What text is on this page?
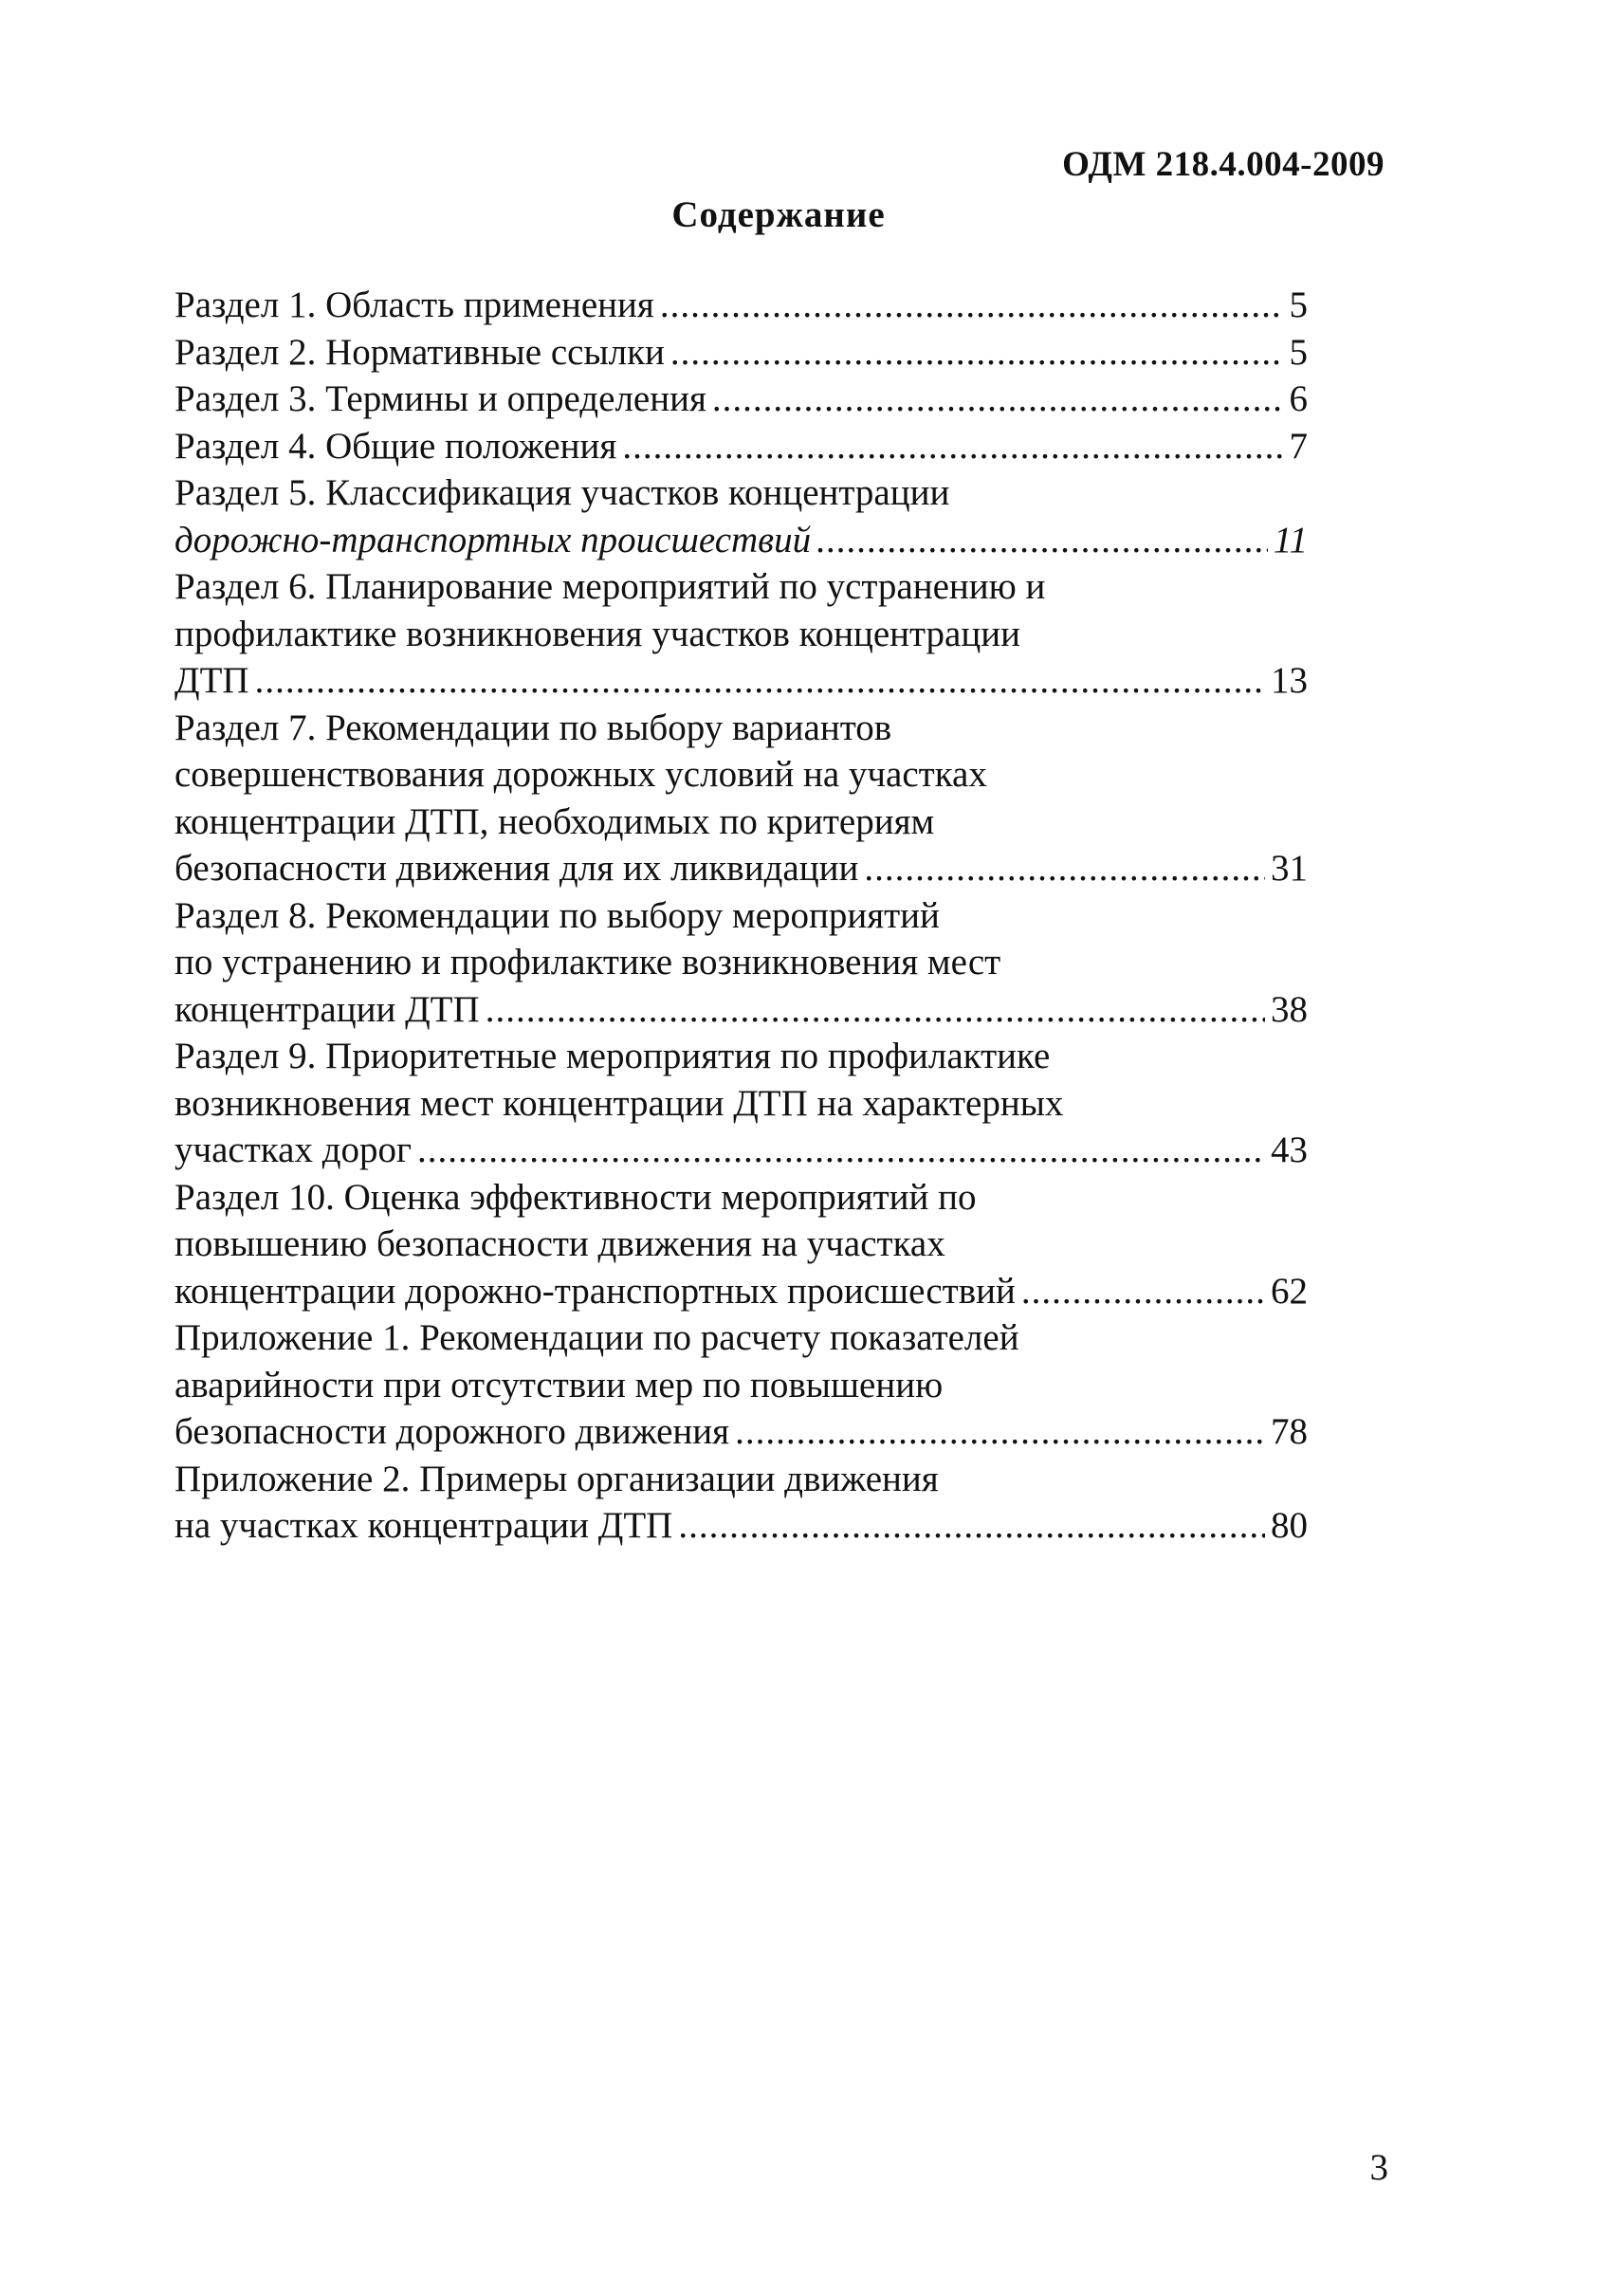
ОДМ 218.4.004-2009
Содержание
Раздел 1. Область применения .....	5
Раздел 2. Нормативные ссылки .....	5
Раздел 3. Термины и определения .....	6
Раздел 4. Общие положения .....	7
Раздел 5. Классификация участков концентрации
дорожно-транспортных происшествий .....	11
Раздел 6. Планирование мероприятий по устранению и
профилактике возникновения участков концентрации
ДТП .....	13
Раздел 7. Рекомендации по выбору вариантов
совершенствования дорожных условий на участках
концентрации ДТП, необходимых по критериям
безопасности движения для их ликвидации .....	31
Раздел 8. Рекомендации по выбору мероприятий
по устранению и профилактике возникновения мест
концентрации ДТП .....	38
Раздел 9. Приоритетные мероприятия по профилактике
возникновения мест концентрации ДТП на характерных
участках дорог .....	43
Раздел 10. Оценка эффективности мероприятий по
повышению безопасности движения на участках
концентрации дорожно-транспортных происшествий .....	62
Приложение 1. Рекомендации по расчету показателей
аварийности при отсутствии мер по повышению
безопасности дорожного движения .....	78
Приложение 2. Примеры организации движения
на участках концентрации ДТП .....	80
3
